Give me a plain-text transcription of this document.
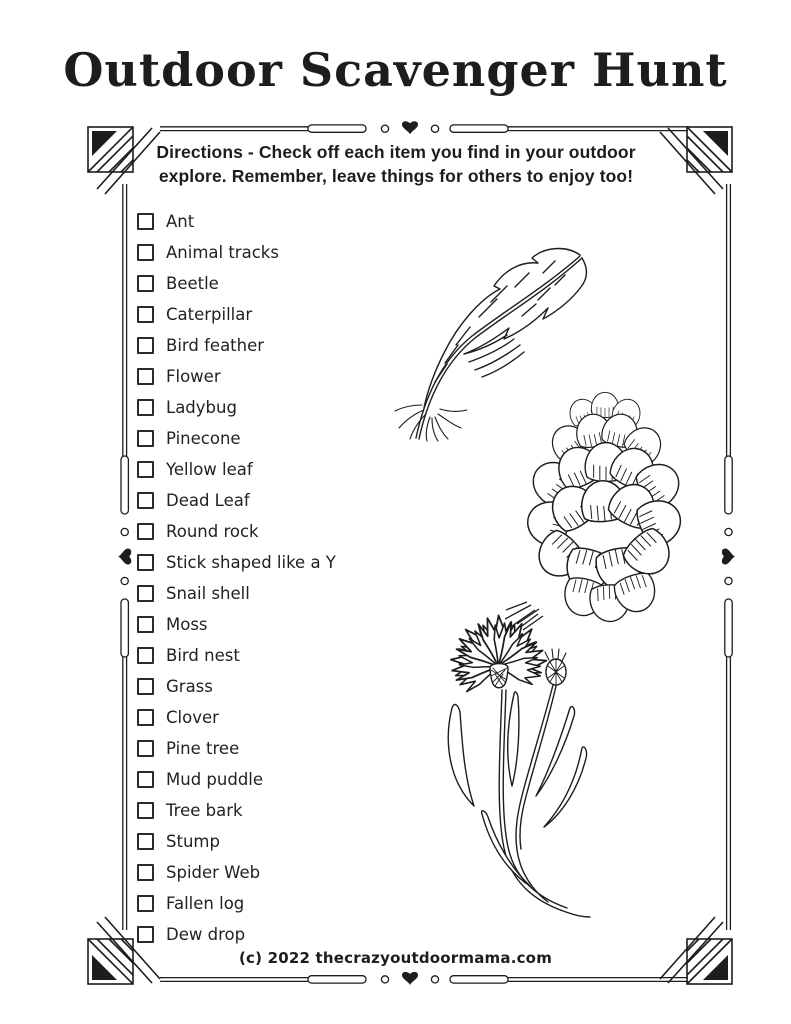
Outdoor Scavenger Hunt
Directions - Check off each item you find in your outdoor
explore. Remember, leave things for others to enjoy too!
Ant
Animal tracks
Beetle
Caterpillar
Bird feather
Flower
Ladybug
Pinecone
Yellow leaf
Dead Leaf
Round rock
Stick shaped like a Y
Snail shell
Moss
Bird nest
Grass
Clover
Pine tree
Mud puddle
Tree bark
Stump
Spider Web
Fallen log
Dew drop
(c) 2022 thecrazyoutdoormama.com
